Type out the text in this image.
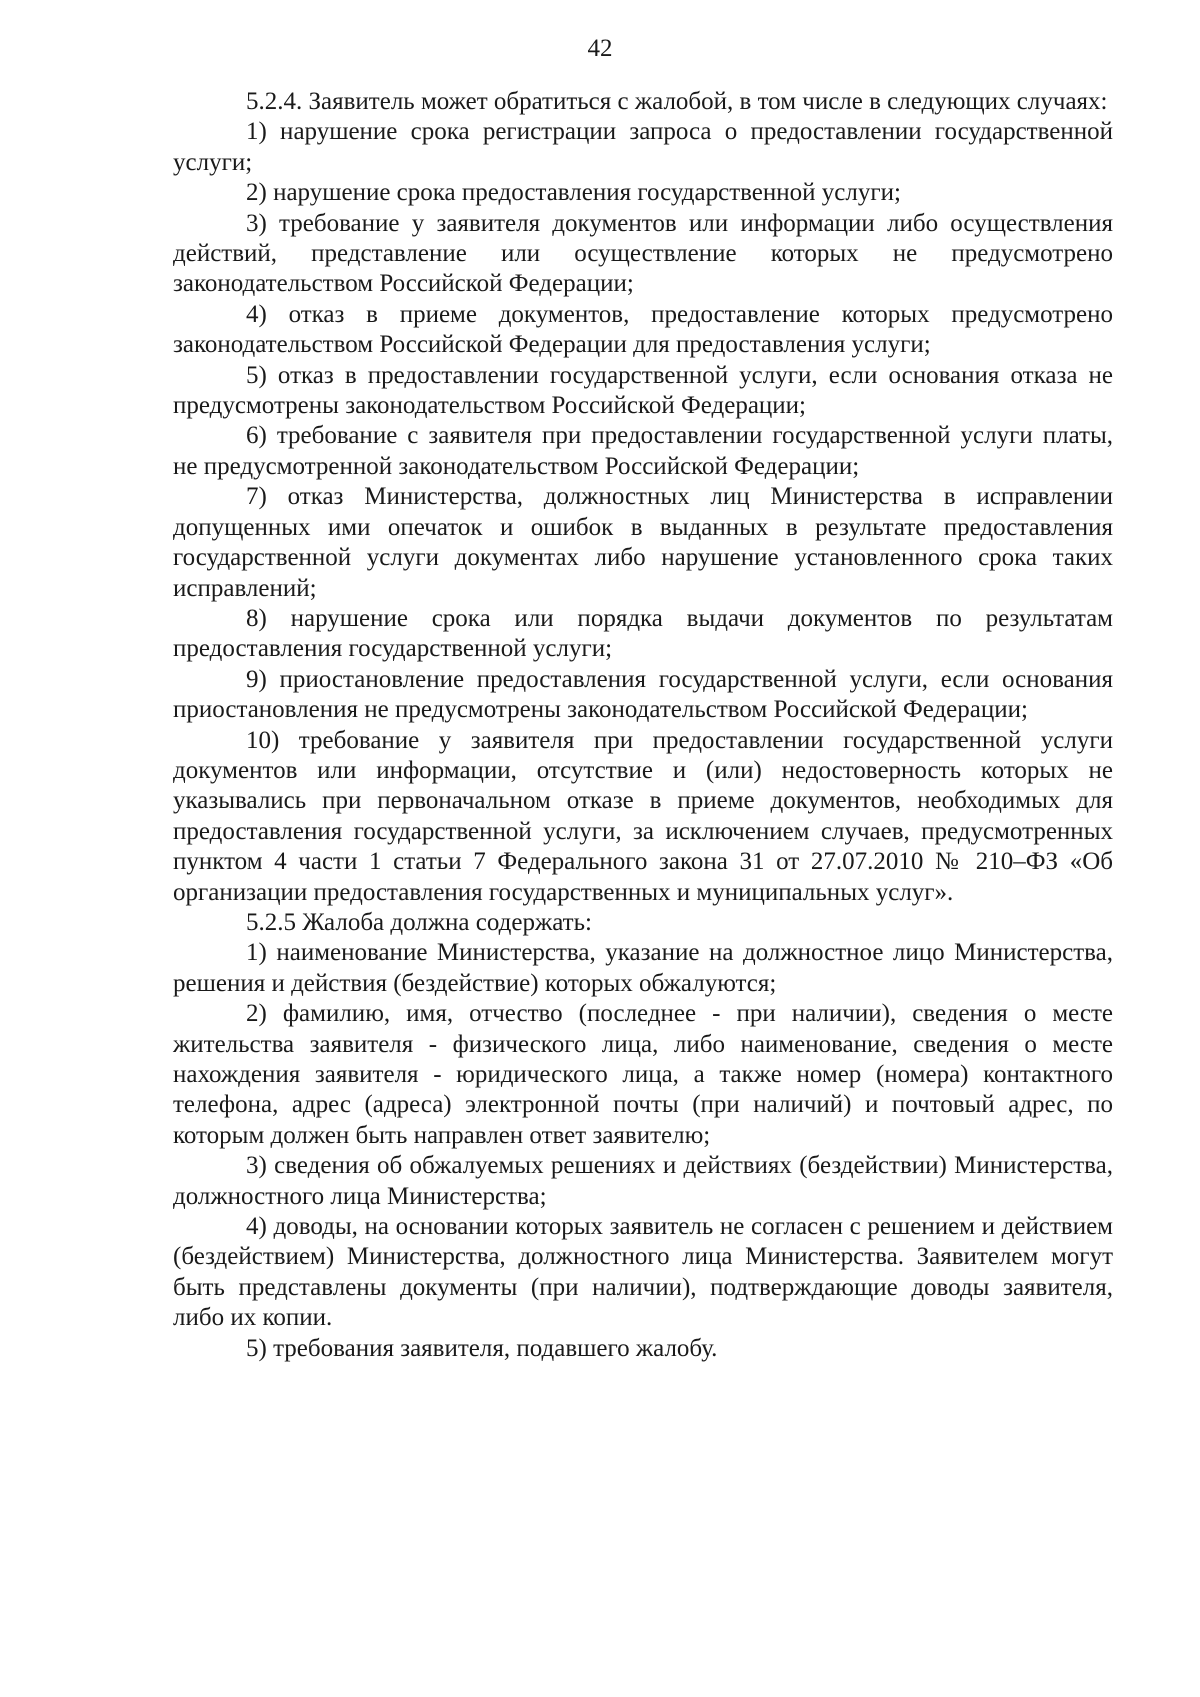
42

5.2.4. Заявитель может обратиться с жалобой, в том числе в следующих случаях:

1) нарушение срока регистрации запроса о предоставлении государственной услуги;

2) нарушение срока предоставления государственной услуги;

3) требование у заявителя документов или информации либо осуществления действий, представление или осуществление которых не предусмотрено законодательством Российской Федерации;

4) отказ в приеме документов, предоставление которых предусмотрено законодательством Российской Федерации для предоставления услуги;

5) отказ в предоставлении государственной услуги, если основания отказа не предусмотрены законодательством Российской Федерации;

6) требование с заявителя при предоставлении государственной услуги платы, не предусмотренной законодательством Российской Федерации;

7) отказ Министерства, должностных лиц Министерства в исправлении допущенных ими опечаток и ошибок в выданных в результате предоставления государственной услуги документах либо нарушение установленного срока таких исправлений;

8) нарушение срока или порядка выдачи документов по результатам предоставления государственной услуги;

9) приостановление предоставления государственной услуги, если основания приостановления не предусмотрены законодательством Российской Федерации;

10) требование у заявителя при предоставлении государственной услуги документов или информации, отсутствие и (или) недостоверность которых не указывались при первоначальном отказе в приеме документов, необходимых для предоставления государственной услуги, за исключением случаев, предусмотренных пунктом 4 части 1 статьи 7 Федерального закона 31 от 27.07.2010 № 210–ФЗ «Об организации предоставления государственных и муниципальных услуг».

5.2.5 Жалоба должна содержать:

1) наименование Министерства, указание на должностное лицо Министерства, решения и действия (бездействие) которых обжалуются;

2) фамилию, имя, отчество (последнее - при наличии), сведения о месте жительства заявителя - физического лица, либо наименование, сведения о месте нахождения заявителя - юридического лица, а также номер (номера) контактного телефона, адрес (адреса) электронной почты (при наличий) и почтовый адрес, по которым должен быть направлен ответ заявителю;

3) сведения об обжалуемых решениях и действиях (бездействии) Министерства, должностного лица Министерства;

4) доводы, на основании которых заявитель не согласен с решением и действием (бездействием) Министерства, должностного лица Министерства. Заявителем могут быть представлены документы (при наличии), подтверждающие доводы заявителя, либо их копии.

5) требования заявителя, подавшего жалобу.
